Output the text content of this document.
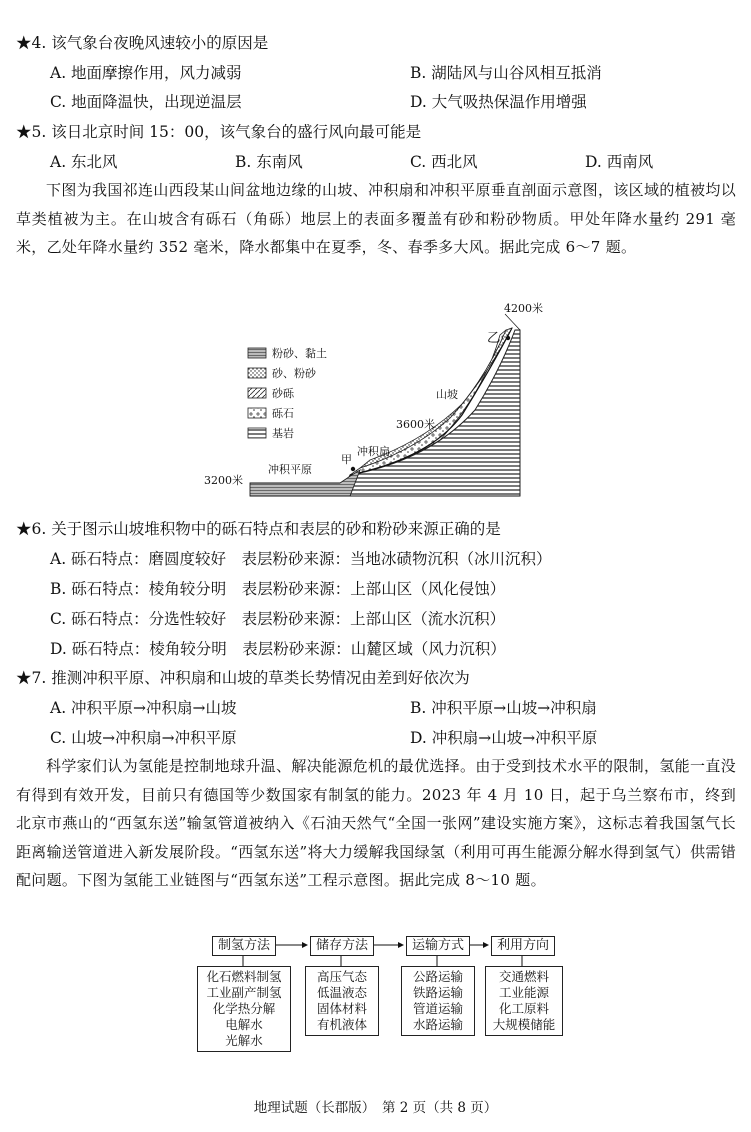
★4. 该气象台夜晚风速较小的原因是
A. 地面摩擦作用，风力减弱	B. 湖陆风与山谷风相互抵消
C. 地面降温快，出现逆温层	D. 大气吸热保温作用增强
★5. 该日北京时间 15：00，该气象台的盛行风向最可能是
A. 东北风	B. 东南风	C. 西北风	D. 西南风
下图为我国祁连山西段某山间盆地边缘的山坡、冲积扇和冲积平原垂直剖面示意图，该区域的植被均以草类植被为主。在山坡含有砾石（角砾）地层上的表面多覆盖有砂和粉砂物质。甲处年降水量约 291 毫米，乙处年降水量约 352 毫米，降水都集中在夏季，冬、春季多大风。据此完成 6～7 题。
粉砂、黏土
砂、粉砂
砂砾
砾石
基岩
4200米
3600米
3200米
乙
甲
山坡
冲积扇
冲积平原
★6. 关于图示山坡堆积物中的砾石特点和表层的砂和粉砂来源正确的是
A. 砾石特点：磨圆度较好　表层粉砂来源：当地冰碛物沉积（冰川沉积）
B. 砾石特点：棱角较分明　表层粉砂来源：上部山区（风化侵蚀）
C. 砾石特点：分选性较好　表层粉砂来源：上部山区（流水沉积）
D. 砾石特点：棱角较分明　表层粉砂来源：山麓区域（风力沉积）
★7. 推测冲积平原、冲积扇和山坡的草类长势情况由差到好依次为
A. 冲积平原→冲积扇→山坡	B. 冲积平原→山坡→冲积扇
C. 山坡→冲积扇→冲积平原	D. 冲积扇→山坡→冲积平原
科学家们认为氢能是控制地球升温、解决能源危机的最优选择。由于受到技术水平的限制，氢能一直没有得到有效开发，目前只有德国等少数国家有制氢的能力。2023 年 4 月 10 日，起于乌兰察布市，终到北京市燕山的“西氢东送”输氢管道被纳入《石油天然气“全国一张网”建设实施方案》，这标志着我国氢气长距离输送管道进入新发展阶段。“西氢东送”将大力缓解我国绿氢（利用可再生能源分解水得到氢气）供需错配问题。下图为氢能工业链图与“西氢东送”工程示意图。据此完成 8～10 题。
制氢方法	储存方法	运输方式	利用方向
化石燃料制氢
工业副产制氢
化学热分解
电解水
光解水
高压气态
低温液态
固体材料
有机液体
公路运输
铁路运输
管道运输
水路运输
交通燃料
工业能源
化工原料
大规模储能
地理试题（长郡版）　第 2 页（共 8 页）
